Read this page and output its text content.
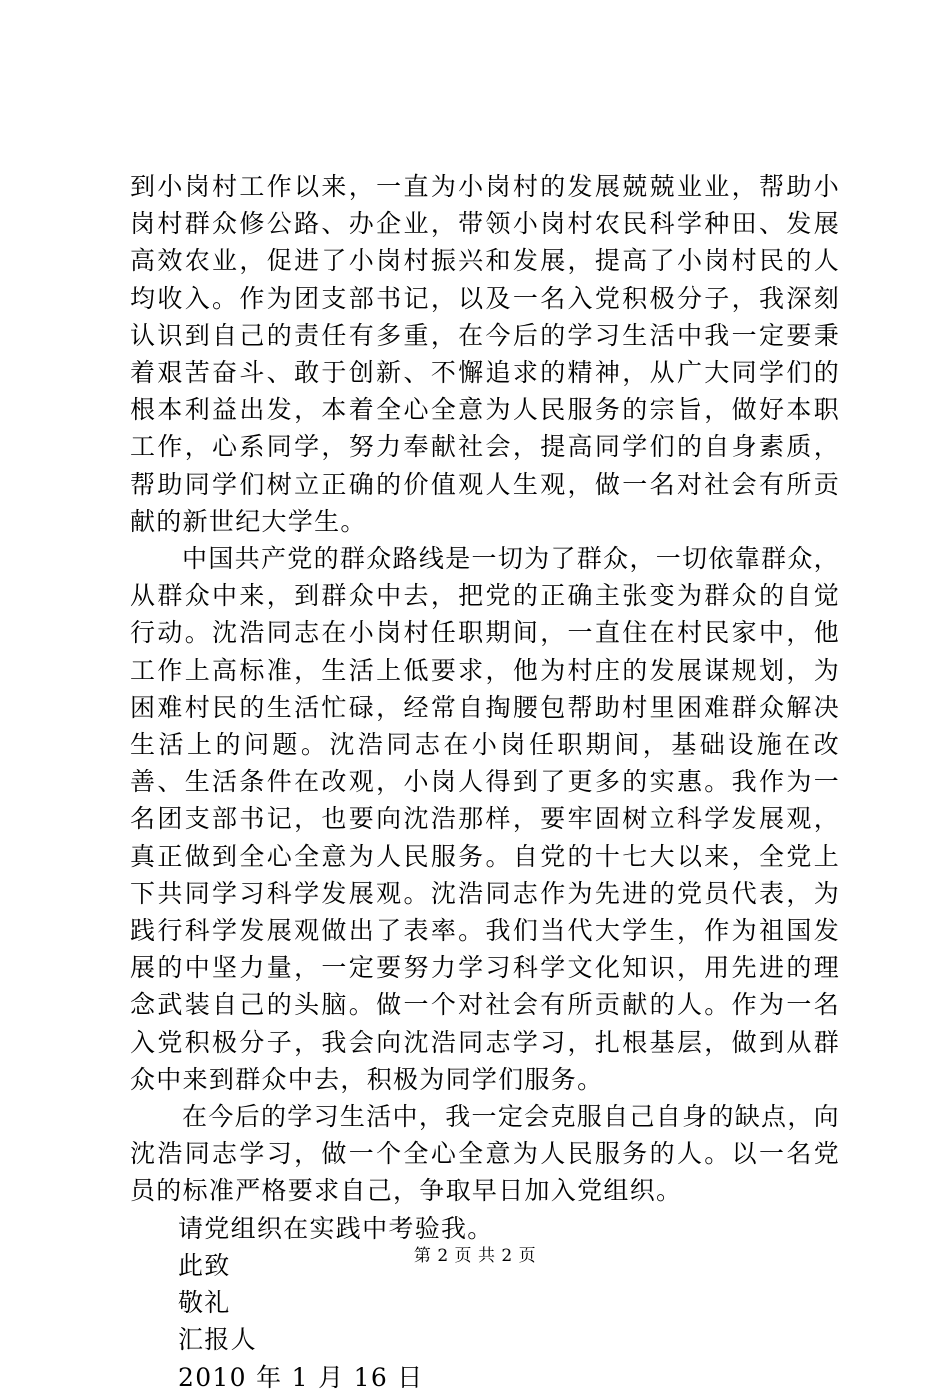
到小岗村工作以来，一直为小岗村的发展兢兢业业，帮助小岗村群众修公路、办企业，带领小岗村农民科学种田、发展高效农业，促进了小岗村振兴和发展，提高了小岗村民的人均收入。作为团支部书记，以及一名入党积极分子，我深刻认识到自己的责任有多重，在今后的学习生活中我一定要秉着艰苦奋斗、敢于创新、不懈追求的精神，从广大同学们的根本利益出发，本着全心全意为人民服务的宗旨，做好本职工作，心系同学，努力奉献社会，提高同学们的自身素质，帮助同学们树立正确的价值观人生观，做一名对社会有所贡献的新世纪大学生。

中国共产党的群众路线是一切为了群众，一切依靠群众，从群众中来，到群众中去，把党的正确主张变为群众的自觉行动。沈浩同志在小岗村任职期间，一直住在村民家中，他工作上高标准，生活上低要求，他为村庄的发展谋规划，为困难村民的生活忙碌，经常自掏腰包帮助村里困难群众解决生活上的问题。沈浩同志在小岗任职期间，基础设施在改善、生活条件在改观，小岗人得到了更多的实惠。我作为一名团支部书记，也要向沈浩那样，要牢固树立科学发展观，真正做到全心全意为人民服务。自党的十七大以来，全党上下共同学习科学发展观。沈浩同志作为先进的党员代表，为践行科学发展观做出了表率。我们当代大学生，作为祖国发展的中坚力量，一定要努力学习科学文化知识，用先进的理念武装自己的头脑。做一个对社会有所贡献的人。作为一名入党积极分子，我会向沈浩同志学习，扎根基层，做到从群众中来到群众中去，积极为同学们服务。

在今后的学习生活中，我一定会克服自己自身的缺点，向沈浩同志学习，做一个全心全意为人民服务的人。以一名党员的标准严格要求自己，争取早日加入党组织。

请党组织在实践中考验我。

此致

敬礼

汇报人

2010 年 1 月 16 日

第 2 页 共 2 页
